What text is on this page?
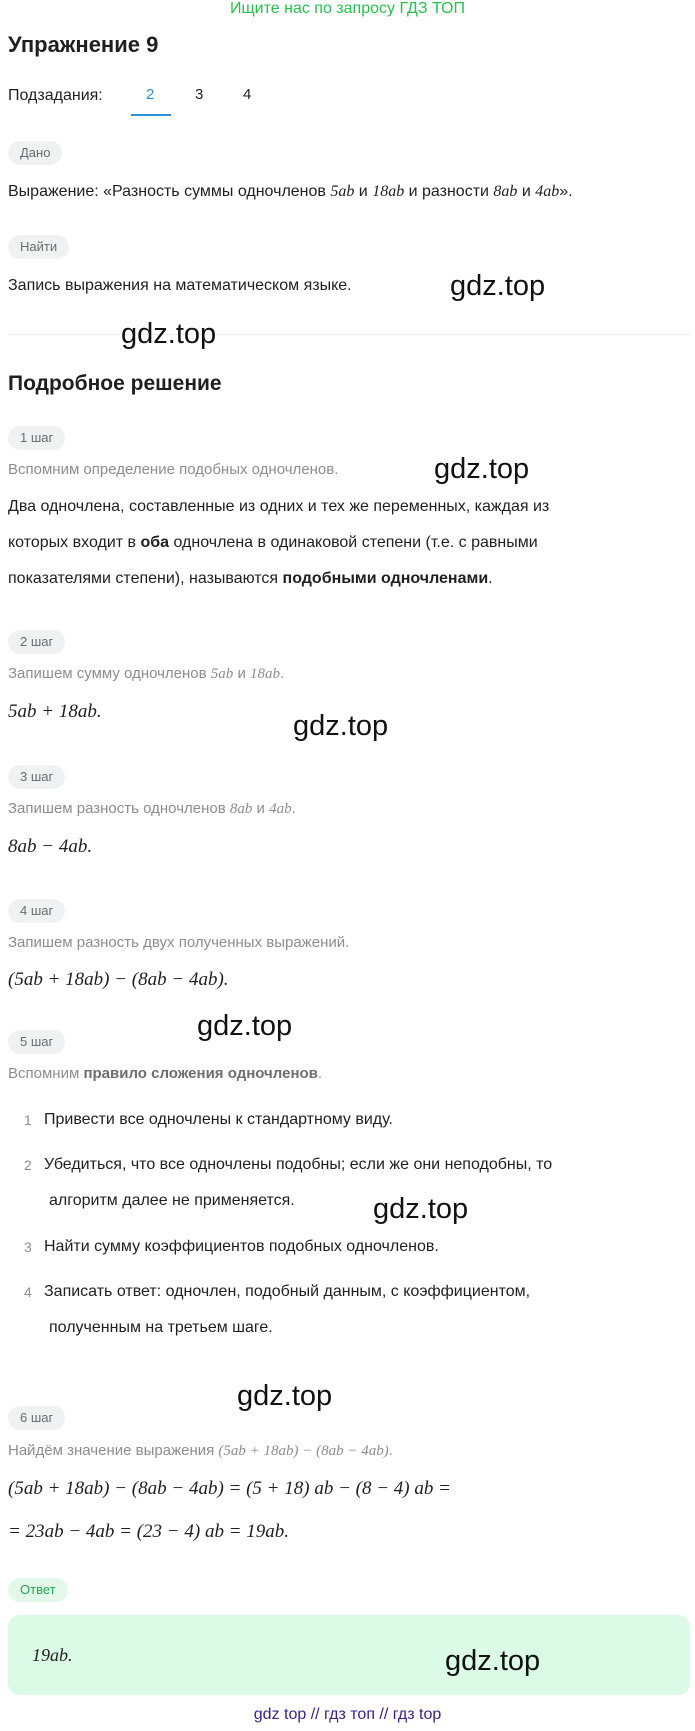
Ищите нас по запросу ГДЗ ТОП
Упражнение 9
Подзадания:	2	3	4
Дано
Выражение: «Разность суммы одночленов 5ab и 18ab и разности 8ab и 4ab».
Найти
Запись выражения на математическом языке.
Подробное решение
1 шаг
Вспомним определение подобных одночленов.
Два одночлена, составленные из одних и тех же переменных, каждая из
которых входит в оба одночлена в одинаковой степени (т.е. с равными
показателями степени), называются подобными одночленами.
2 шаг
Запишем сумму одночленов 5ab и 18ab.
5ab + 18ab.
3 шаг
Запишем разность одночленов 8ab и 4ab.
8ab − 4ab.
4 шаг
Запишем разность двух полученных выражений.
(5ab + 18ab) − (8ab − 4ab).
5 шаг
Вспомним правило сложения одночленов.
1 Привести все одночлены к стандартному виду.
2 Убедиться, что все одночлены подобны; если же они неподобны, то
алгоритм далее не применяется.
3 Найти сумму коэффициентов подобных одночленов.
4 Записать ответ: одночлен, подобный данным, с коэффициентом,
полученным на третьем шаге.
6 шаг
Найдём значение выражения (5ab + 18ab) − (8ab − 4ab).
(5ab + 18ab) − (8ab − 4ab) = (5 + 18) ab − (8 − 4) ab =
= 23ab − 4ab = (23 − 4) ab = 19ab.
Ответ
19ab.
gdz.top
gdz.top
gdz.top
gdz.top
gdz.top
gdz.top
gdz.top
gdz.top
gdz top // гдз топ // гдз top
